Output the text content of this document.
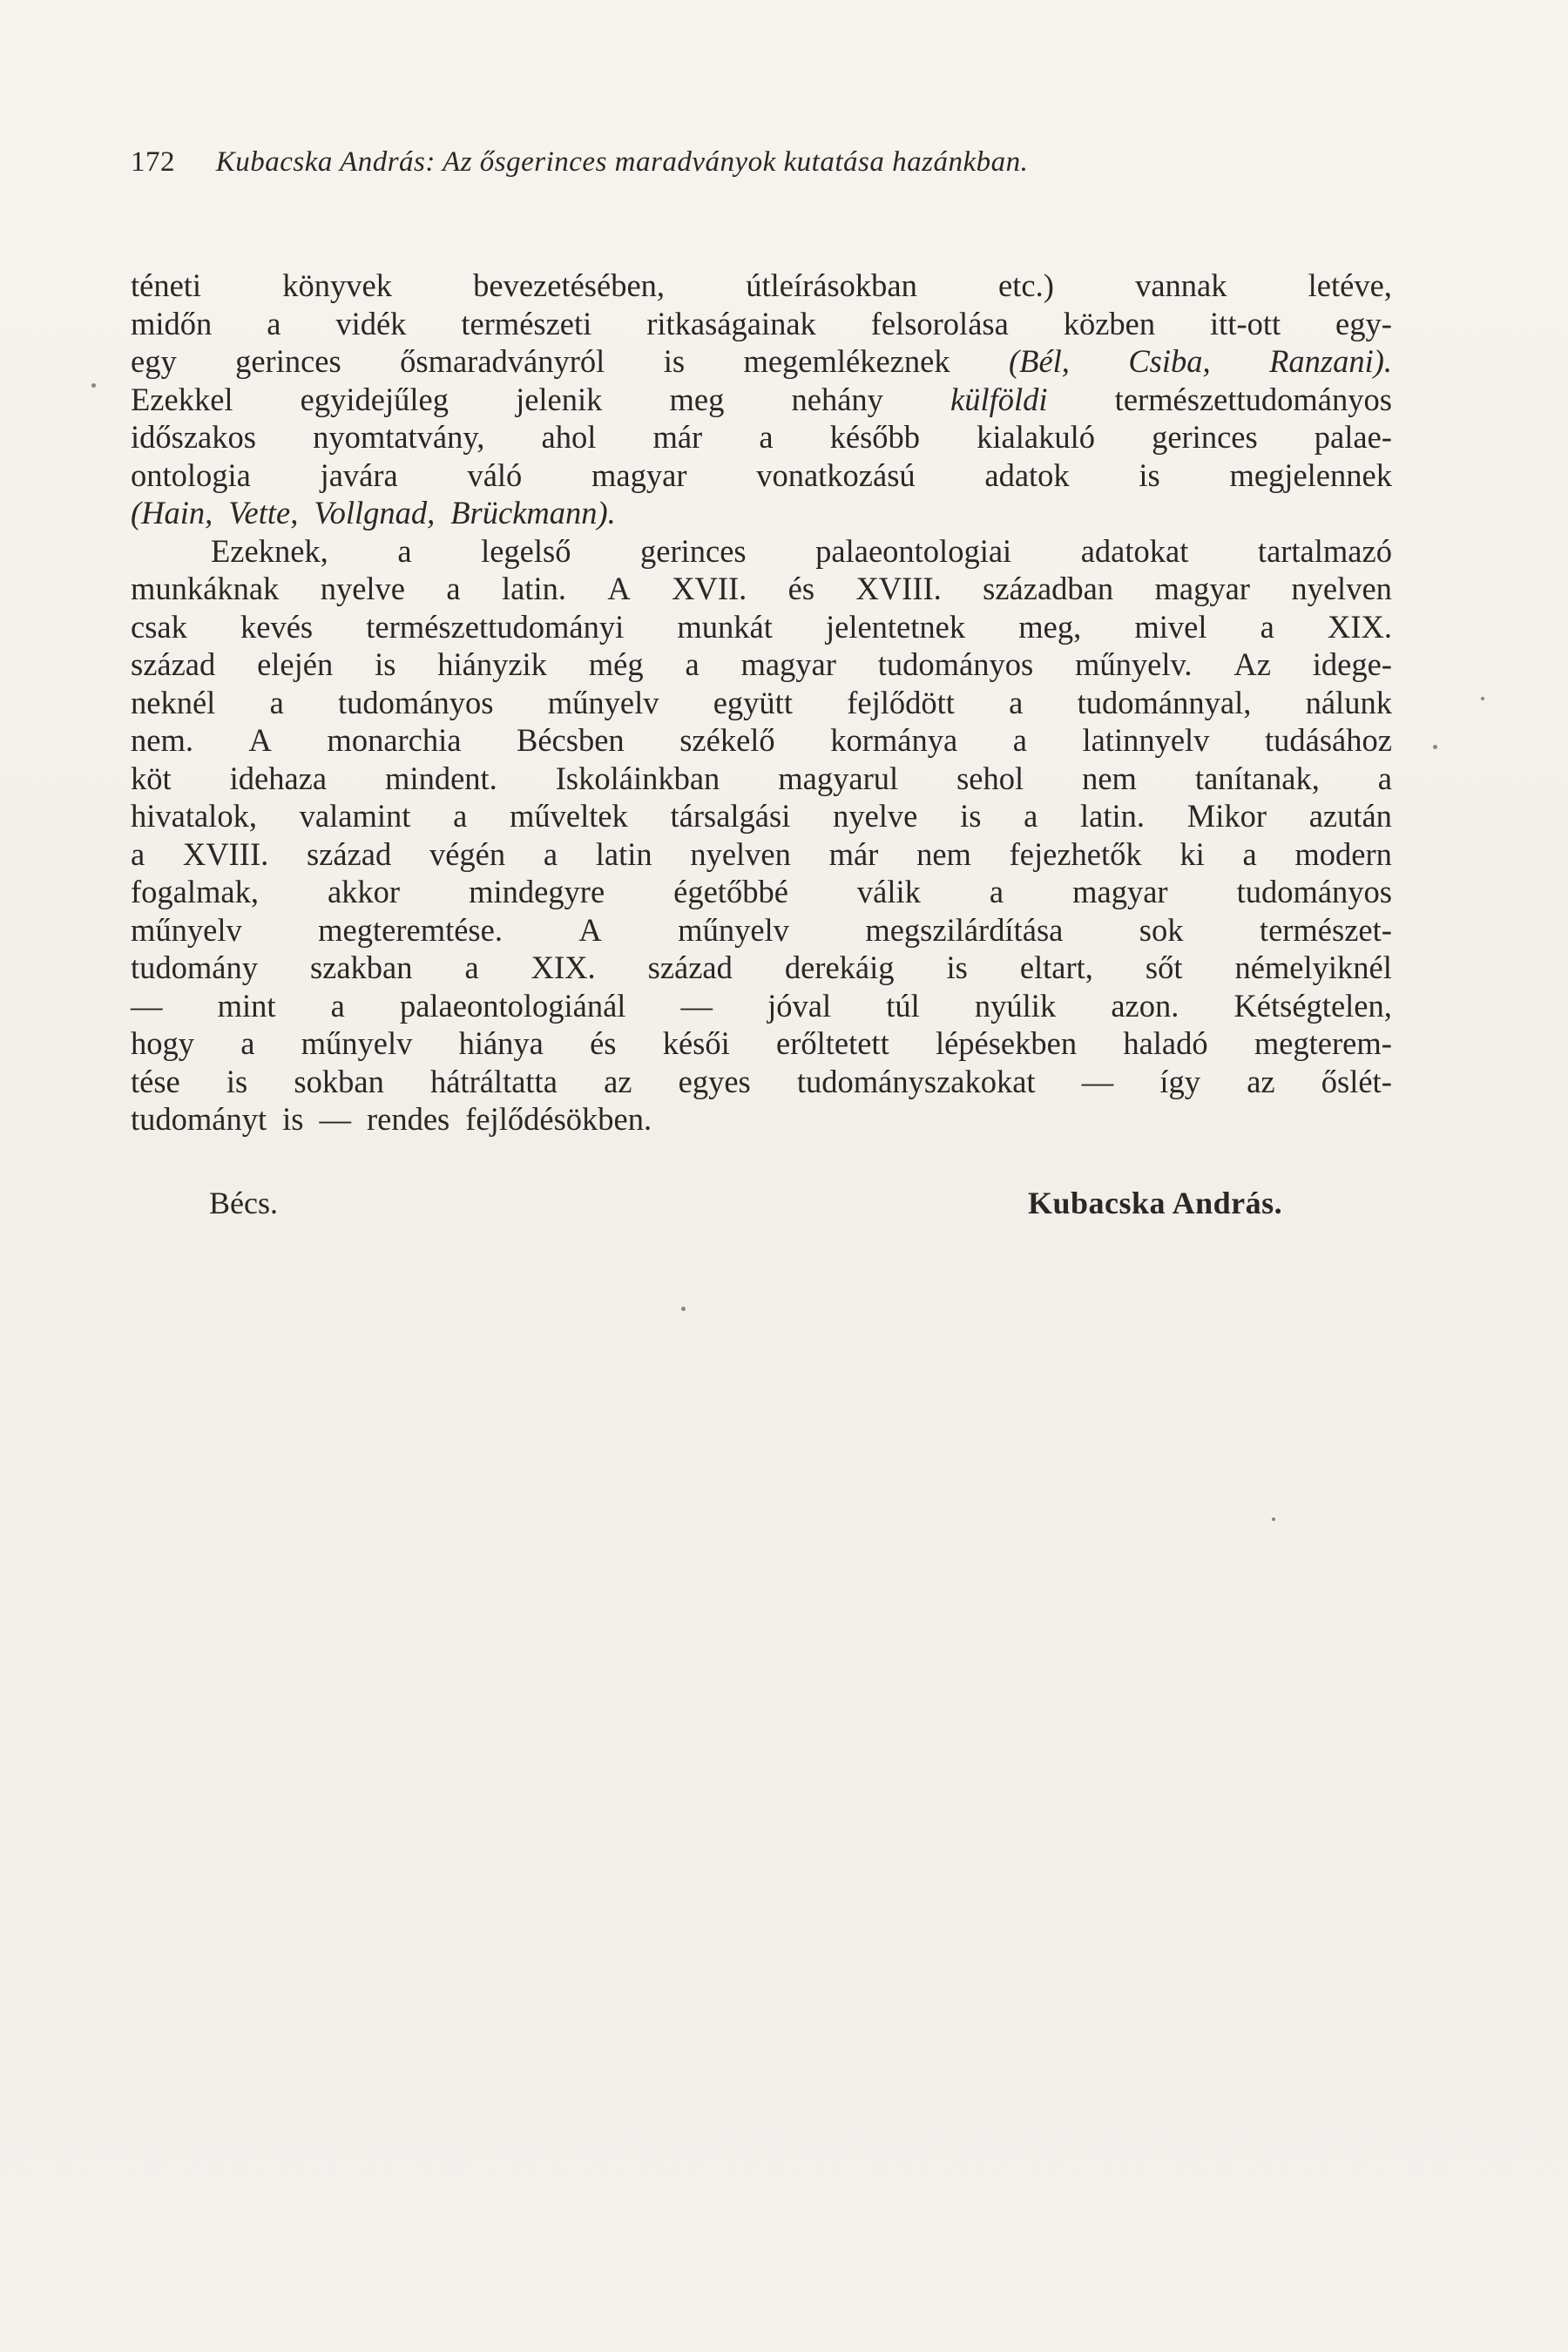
172 Kubacska András: Az ősgerinces maradványok kutatása hazánkban.
téneti	könyvek	bevezetésében,	útleírásokban	etc.)	vannak	letéve,
midőn a vidék természeti ritkaságainak felsorolása közben itt-ott egy-
egy gerinces ősmaradványról is megemlékeznek (Bél, Csiba, Ranzani).
Ezekkel egyidejűleg jelenik meg nehány külföldi természettudományos
időszakos nyomtatvány, ahol már a később kialakuló gerinces palae-
ontologia javára váló magyar vonatkozású adatok is megjelennek
(Hain, Vette, Vollgnad, Brückmann).
Ezeknek, a legelső gerinces palaeontologiai adatokat tartalmazó
munkáknak nyelve a latin. A XVII. és XVIII. században magyar nyelven
csak kevés természettudományi munkát jelentetnek meg, mivel a XIX.
század elején is hiányzik még a magyar tudományos műnyelv. Az idege-
neknél a tudományos műnyelv együtt fejlődött a tudománnyal, nálunk
nem. A monarchia Bécsben székelő kormánya a latinnyelv tudásához
köt idehaza mindent. Iskoláinkban magyarul sehol nem tanítanak, a
hivatalok, valamint a műveltek társalgási nyelve is a latin. Mikor azután
a XVIII. század végén a latin nyelven már nem fejezhetők ki a modern
fogalmak, akkor mindegyre égetőbbé válik a magyar tudományos
műnyelv megteremtése. A műnyelv megszilárdítása sok természet-
tudomány szakban a XIX. század derekáig is eltart, sőt némelyiknél
— mint a palaeontologiánál — jóval túl nyúlik azon. Kétségtelen,
hogy a műnyelv hiánya és késői erőltetett lépésekben haladó megterem-
tése is sokban hátráltatta az egyes tudományszakokat — így az őslét-
tudományt is — rendes fejlődésökben.
Bécs.	Kubacska András.
